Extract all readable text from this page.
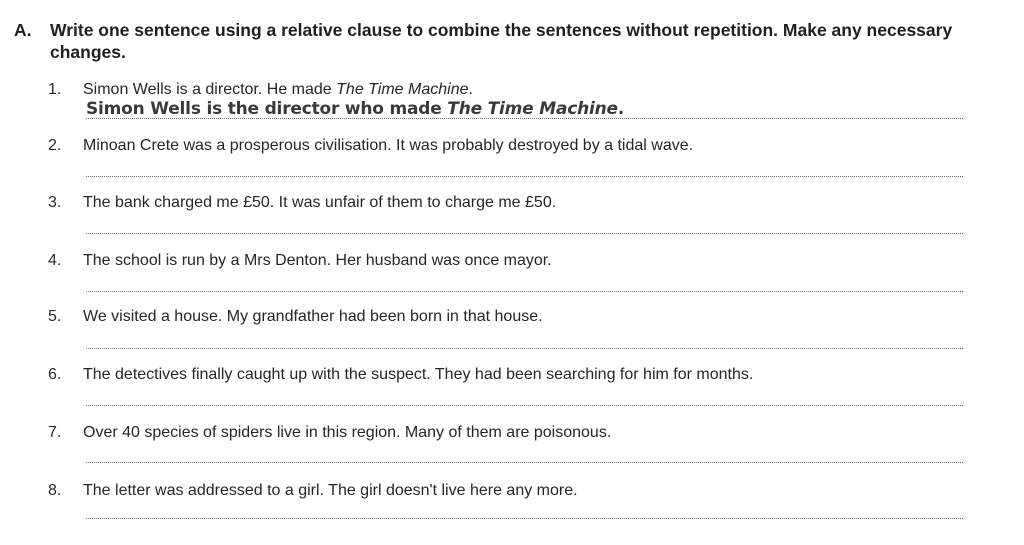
A. Write one sentence using a relative clause to combine the sentences without repetition. Make any necessary changes.
1. Simon Wells is a director. He made The Time Machine.
Simon Wells is the director who made The Time Machine.
2. Minoan Crete was a prosperous civilisation. It was probably destroyed by a tidal wave.
3. The bank charged me £50. It was unfair of them to charge me £50.
4. The school is run by a Mrs Denton. Her husband was once mayor.
5. We visited a house. My grandfather had been born in that house.
6. The detectives finally caught up with the suspect. They had been searching for him for months.
7. Over 40 species of spiders live in this region. Many of them are poisonous.
8. The letter was addressed to a girl. The girl doesn't live here any more.
